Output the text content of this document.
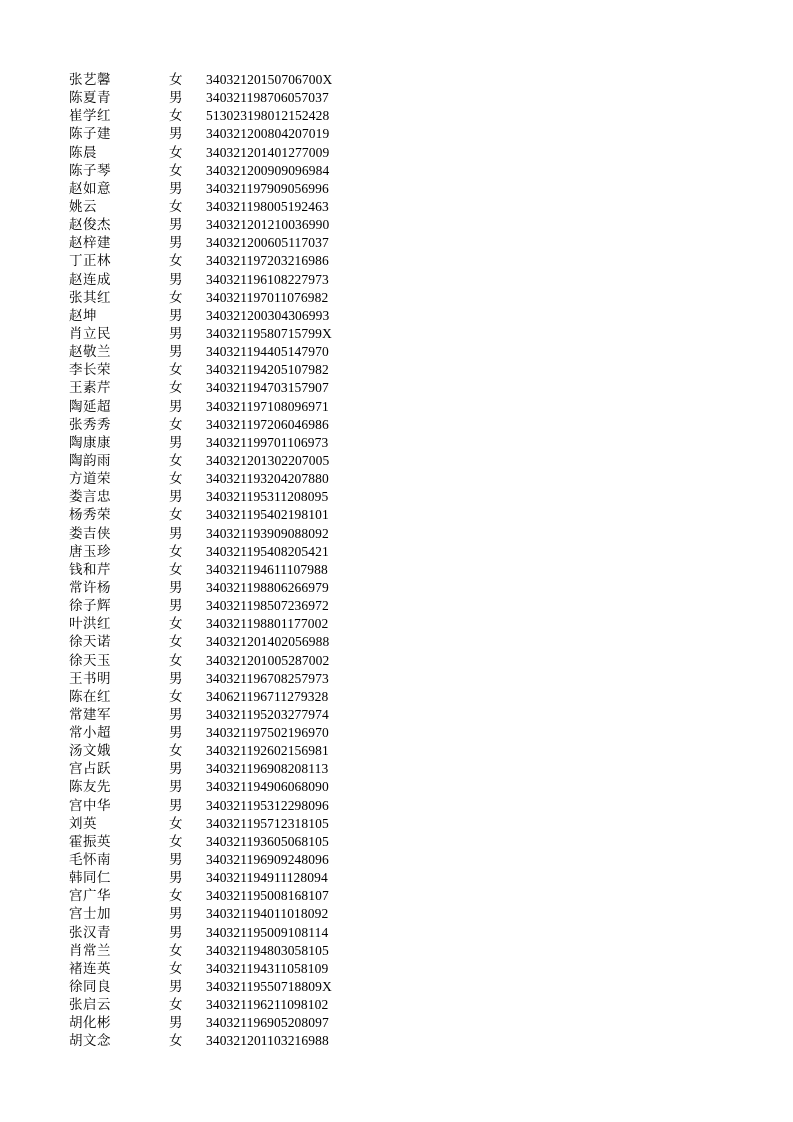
张艺馨	女	34032120150706700X
陈夏青	男	340321198706057037
崔学红	女	513023198012152428
陈子建	男	340321200804207019
陈晨	女	340321201401277009
陈子琴	女	340321200909096984
赵如意	男	340321197909056996
姚云	女	340321198005192463
赵俊杰	男	340321201210036990
赵梓建	男	340321200605117037
丁正林	女	340321197203216986
赵连成	男	340321196108227973
张其红	女	340321197011076982
赵坤	男	340321200304306993
肖立民	男	34032119580715799X
赵敬兰	男	340321194405147970
李长荣	女	340321194205107982
王素芹	女	340321194703157907
陶延超	男	340321197108096971
张秀秀	女	340321197206046986
陶康康	男	340321199701106973
陶韵雨	女	340321201302207005
方道荣	女	340321193204207880
娄言忠	男	340321195311208095
杨秀荣	女	340321195402198101
娄吉侠	男	340321193909088092
唐玉珍	女	340321195408205421
钱和芹	女	340321194611107988
常许杨	男	340321198806266979
徐子辉	男	340321198507236972
叶洪红	女	340321198801177002
徐天诺	女	340321201402056988
徐天玉	女	340321201005287002
王书明	男	340321196708257973
陈在红	女	340621196711279328
常建军	男	340321195203277974
常小超	男	340321197502196970
汤文娥	女	340321192602156981
宫占跃	男	340321196908208113
陈友先	男	340321194906068090
宫中华	男	340321195312298096
刘英	女	340321195712318105
霍振英	女	340321193605068105
毛怀南	男	340321196909248096
韩同仁	男	340321194911128094
宫广华	女	340321195008168107
宫士加	男	340321194011018092
张汉青	男	340321195009108114
肖常兰	女	340321194803058105
褚连英	女	340321194311058109
徐同良	男	34032119550718809X
张启云	女	340321196211098102
胡化彬	男	340321196905208097
胡文念	女	340321201103216988
